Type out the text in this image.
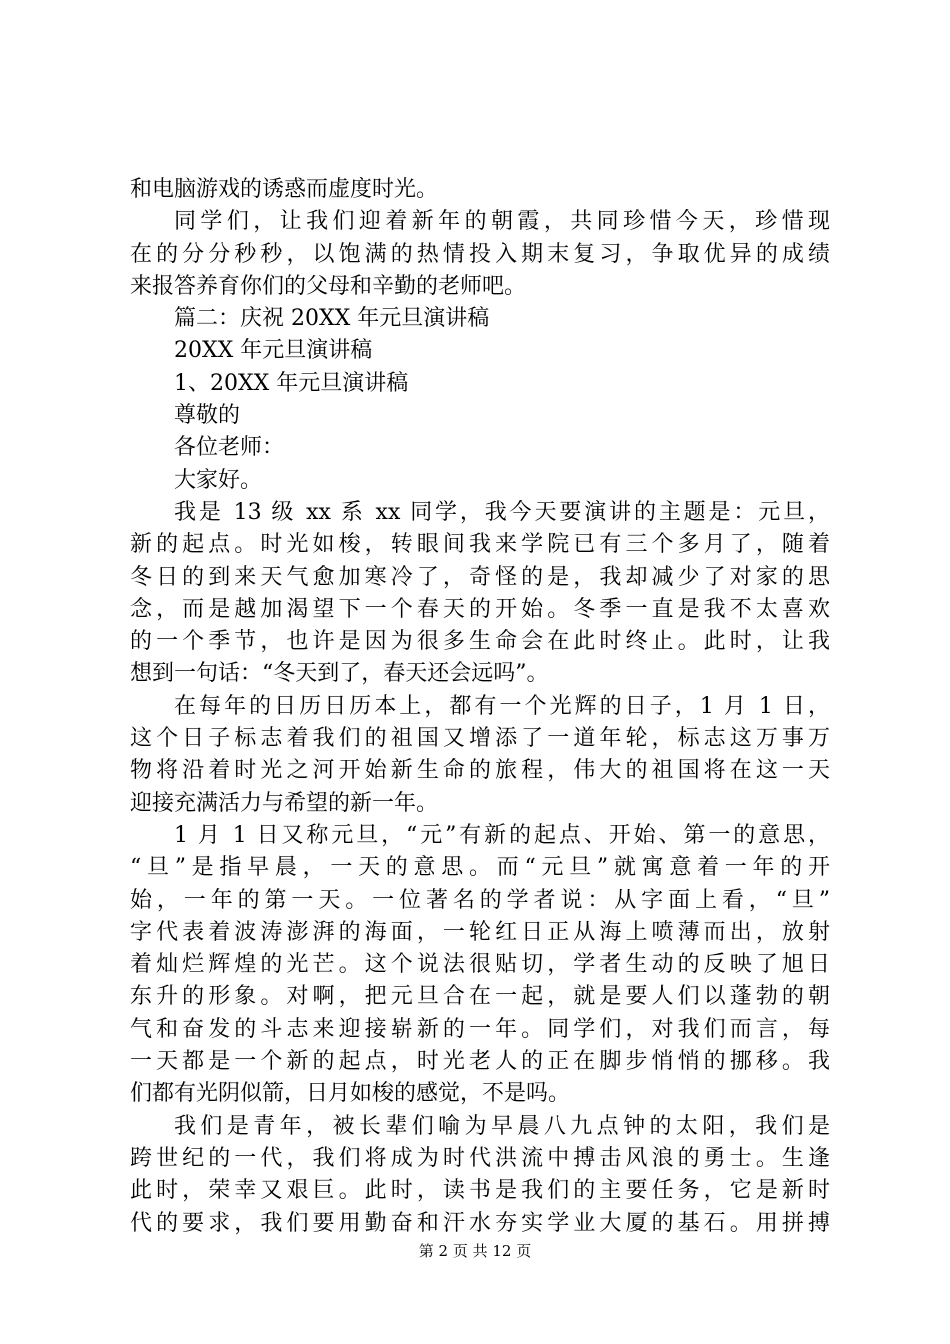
和电脑游戏的诱惑而虚度时光。
同学们，让我们迎着新年的朝霞，共同珍惜今天，珍惜现
在的分分秒秒，以饱满的热情投入期末复习，争取优异的成绩
来报答养育你们的父母和辛勤的老师吧。
篇二：庆祝 20XX 年元旦演讲稿
20XX 年元旦演讲稿
1、20XX 年元旦演讲稿
尊敬的
各位老师：
大家好。
我是 13 级 xx 系 xx 同学，我今天要演讲的主题是：元旦，
新的起点。时光如梭，转眼间我来学院已有三个多月了，随着
冬日的到来天气愈加寒冷了，奇怪的是，我却减少了对家的思
念，而是越加渴望下一个春天的开始。冬季一直是我不太喜欢
的一个季节，也许是因为很多生命会在此时终止。此时，让我
想到一句话：“冬天到了，春天还会远吗”。
在每年的日历日历本上，都有一个光辉的日子，1 月 1 日，
这个日子标志着我们的祖国又增添了一道年轮，标志这万事万
物将沿着时光之河开始新生命的旅程，伟大的祖国将在这一天
迎接充满活力与希望的新一年。
1 月 1 日又称元旦，“元”有新的起点、开始、第一的意思，
“旦”是指早晨，一天的意思。而“元旦”就寓意着一年的开
始，一年的第一天。一位著名的学者说：从字面上看，“旦”
字代表着波涛澎湃的海面，一轮红日正从海上喷薄而出，放射
着灿烂辉煌的光芒。这个说法很贴切，学者生动的反映了旭日
东升的形象。对啊，把元旦合在一起，就是要人们以蓬勃的朝
气和奋发的斗志来迎接崭新的一年。同学们，对我们而言，每
一天都是一个新的起点，时光老人的正在脚步悄悄的挪移。我
们都有光阴似箭，日月如梭的感觉，不是吗。
我们是青年，被长辈们喻为早晨八九点钟的太阳，我们是
跨世纪的一代，我们将成为时代洪流中搏击风浪的勇士。生逢
此时，荣幸又艰巨。此时，读书是我们的主要任务，它是新时
代的要求，我们要用勤奋和汗水夯实学业大厦的基石。用拼搏
第 2 页 共 12 页
